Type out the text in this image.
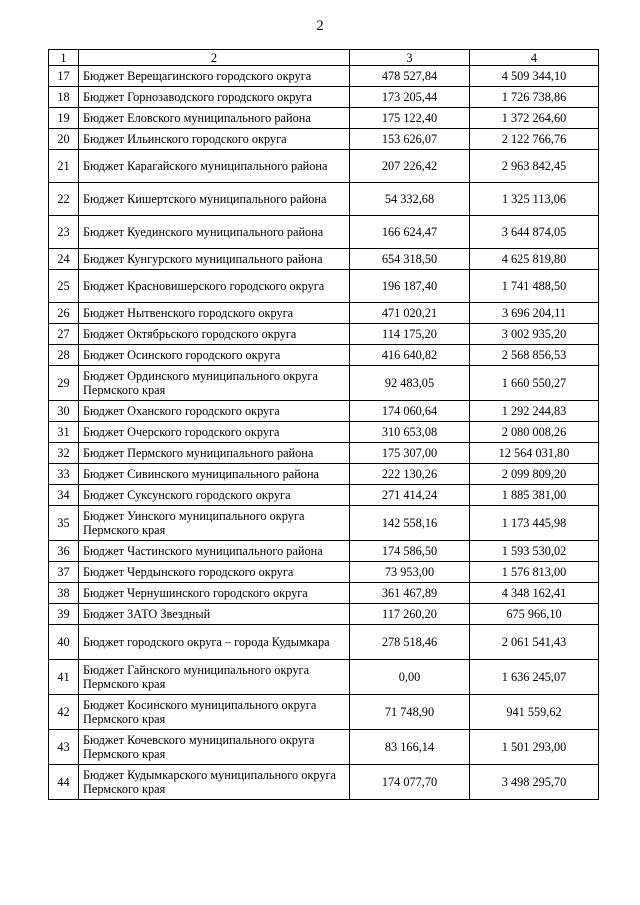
2
1	2	3	4
17	Бюджет Верещагинского городского округа	478 527,84	4 509 344,10
18	Бюджет Горнозаводского городского округа	173 205,44	1 726 738,86
19	Бюджет Еловского муниципального района	175 122,40	1 372 264,60
20	Бюджет Ильинского городского округа	153 626,07	2 122 766,76
21	Бюджет Карагайского муниципального района	207 226,42	2 963 842,45
22	Бюджет Кишертского муниципального района	54 332,68	1 325 113,06
23	Бюджет Куединского муниципального района	166 624,47	3 644 874,05
24	Бюджет Кунгурского муниципального района	654 318,50	4 625 819,80
25	Бюджет Красновишерского городского округа	196 187,40	1 741 488,50
26	Бюджет Нытвенского городского округа	471 020,21	3 696 204,11
27	Бюджет Октябрьского городского округа	114 175,20	3 002 935,20
28	Бюджет Осинского городского округа	416 640,82	2 568 856,53
29	Бюджет Ординского муниципального округа Пермского края	92 483,05	1 660 550,27
30	Бюджет Оханского городского округа	174 060,64	1 292 244,83
31	Бюджет Очерского городского округа	310 653,08	2 080 008,26
32	Бюджет Пермского муниципального района	175 307,00	12 564 031,80
33	Бюджет Сивинского муниципального района	222 130,26	2 099 809,20
34	Бюджет Суксунского городского округа	271 414,24	1 885 381,00
35	Бюджет Уинского муниципального округа Пермского края	142 558,16	1 173 445,98
36	Бюджет Частинского муниципального района	174 586,50	1 593 530,02
37	Бюджет Чердынского городского округа	73 953,00	1 576 813,00
38	Бюджет Чернушинского городского округа	361 467,89	4 348 162,41
39	Бюджет ЗАТО Звездный	117 260,20	675 966,10
40	Бюджет городского округа – города Кудымкара	278 518,46	2 061 541,43
41	Бюджет Гайнского муниципального округа Пермского края	0,00	1 636 245,07
42	Бюджет Косинского муниципального округа Пермского края	71 748,90	941 559,62
43	Бюджет Кочевского муниципального округа Пермского края	83 166,14	1 501 293,00
44	Бюджет Кудымкарского муниципального округа Пермского края	174 077,70	3 498 295,70
